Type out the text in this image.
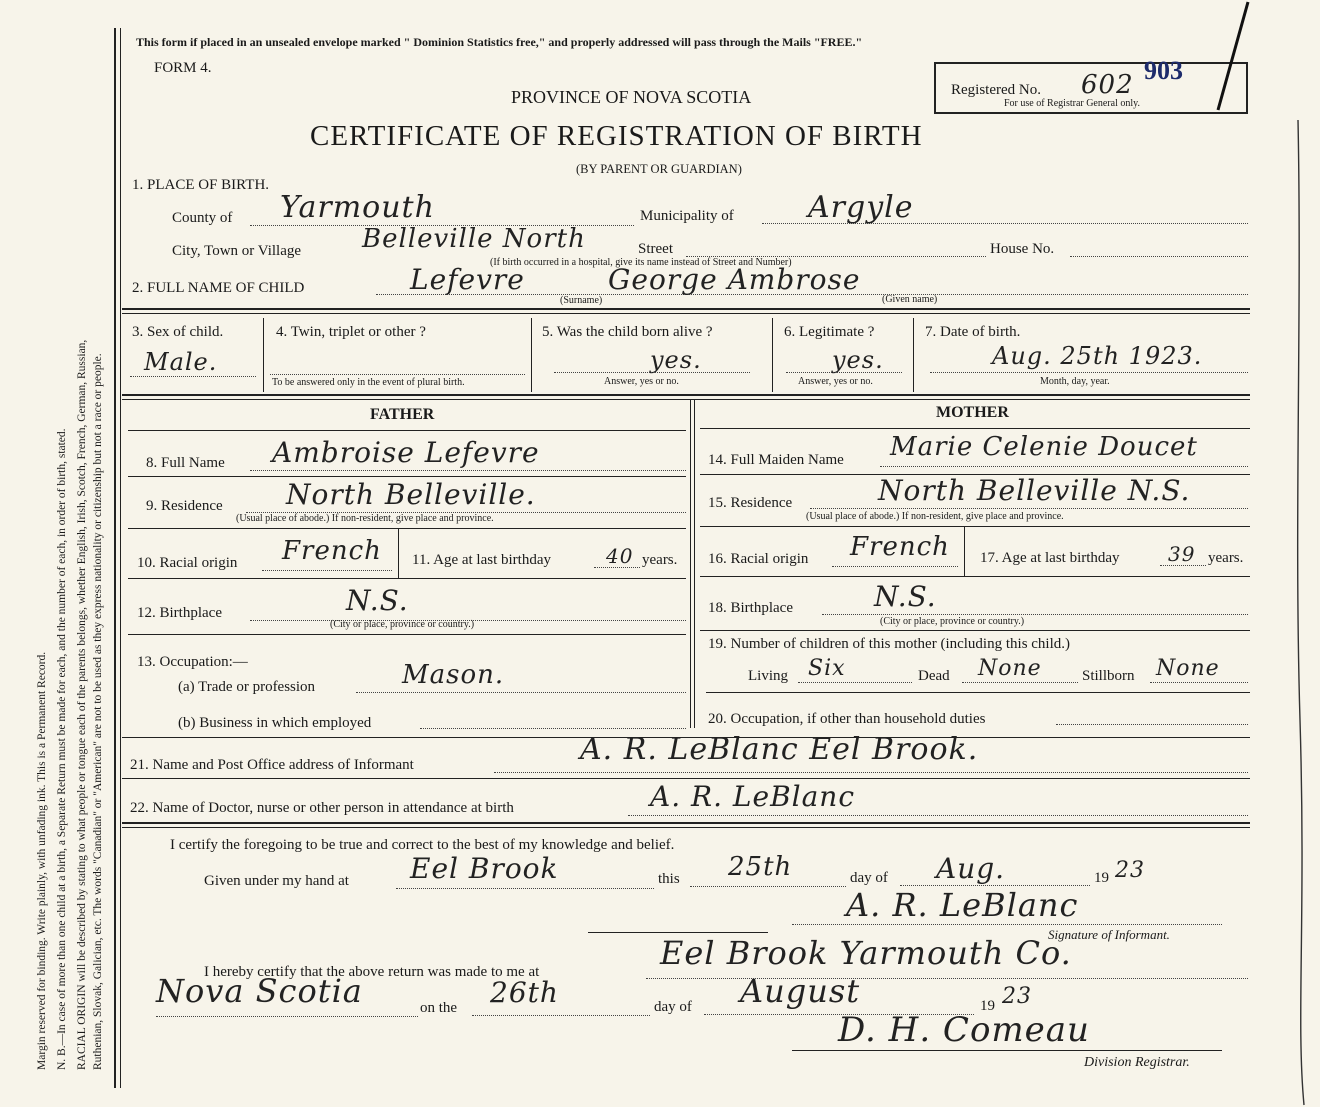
Margin reserved for binding. Write plainly, with unfading ink. This is a Permanent Record. N. B.—In case of more than one child at a birth, a Separate Return must be made for each, and the number of each, in order of birth, stated. RACIAL ORIGIN will be described by stating to what people or tongue each of the parents belongs, whether English, Irish, Scotch, French, German, Russian, Ruthenian, Slovak, Galician, etc. The words "Canadian" or "American" are not to be used as they express nationality or citizenship but not a race or people.
This form if placed in an unsealed envelope marked " Dominion Statistics free," and properly addressed will pass through the Mails "FREE."
FORM 4.
PROVINCE OF NOVA SCOTIA
CERTIFICATE OF REGISTRATION OF BIRTH
(BY PARENT OR GUARDIAN)
Registered No. 602 903
For use of Registrar General only.
1. PLACE OF BIRTH.
County of Yarmouth	Municipality of Argyle
City, Town or Village Belleville North	Street
(If birth occurred in a hospital, give its name instead of Street and Number)
House No.
2. FULL NAME OF CHILD	Lefevre	George Ambrose
(Surname)	(Given name)
3. Sex of child.
Male.
4. Twin, triplet or other ?
To be answered only in the event of plural birth.
5. Was the child born alive ?
yes.
Answer, yes or no.
6. Legitimate ?
yes.
Answer, yes or no.
7. Date of birth.
Aug. 25th 1923.
Month, day, year.
FATHER
8. Full Name Ambroise Lefevre
9. Residence North Belleville.
(Usual place of abode.) If non-resident, give place and province.
10. Racial origin French 11. Age at last birthday	40 years.
12. Birthplace	N.S.
(City or place, province or country.)
13. Occupation:—
(a) Trade or profession	Mason.
(b) Business in which employed
MOTHER
14. Full Maiden Name Marie Celenie Doucet
15. Residence	North Belleville N.S.
(Usual place of abode.) If non-resident, give place and province.
16. Racial origin French 17. Age at last birthday 39 years.
18. Birthplace	N.S.
(City or place, province or country.)
19. Number of children of this mother (including this child.)
Living Six	Dead None	Stillborn None
20. Occupation, if other than household duties
21. Name and Post Office address of Informant	A. R. LeBlanc Eel Brook.
22. Name of Doctor, nurse or other person in attendance at birth	A. R. LeBlanc
I certify the foregoing to be true and correct to the best of my knowledge and belief.
Given under my hand at Eel Brook	this 25th	day of Aug.	19 23
A. R. LeBlanc
Signature of Informant.
I hereby certify that the above return was made to me at	Eel Brook Yarmouth Co.
Nova Scotia	on the 26th	day of August	19 23
D. H. Comeau
Division Registrar.
